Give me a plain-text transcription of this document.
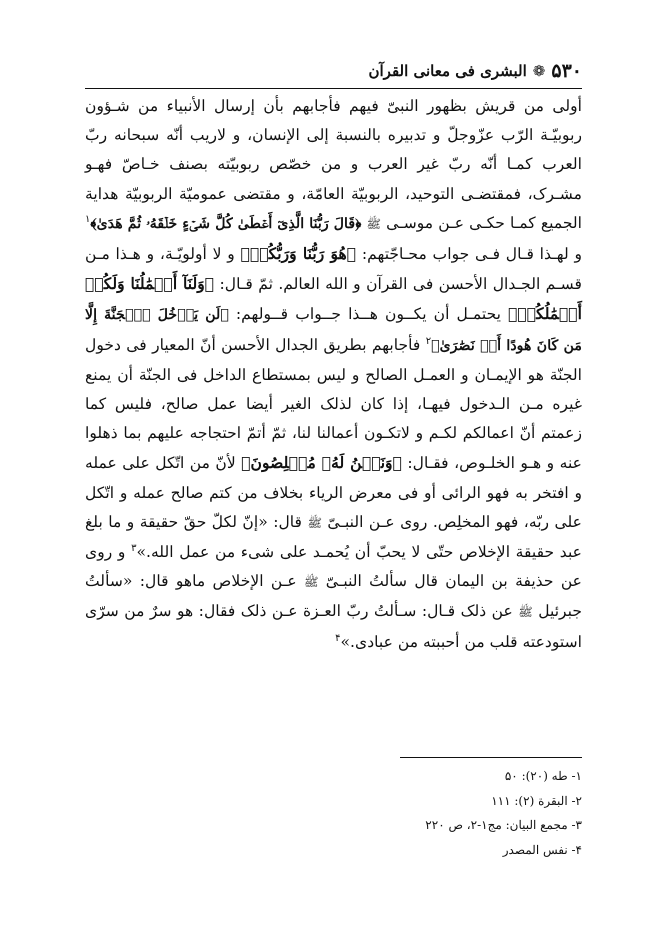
۵۳۰
❁
البشرى فی معانی القرآن

أولی من قریش بظهور النبیّ فیهم فأجابهم بأن إرسال الأنبیاء من شـؤون ربوبیّـة الرّب عزّوجلّ و تدبیره بالنسبة إلی الإنسان، و لاریب أنّه سبحانه ربّ العرب کمـا أنّه ربّ غیر العرب و من خصّص ربوبیّته بصنف خـاصّ فهـو مشـرک، فمقتضـی التوحید، الربوبیّة العامّة، و مقتضی عمومیّة الربوبیّة هدایة الجمیع کمـا حکـی عـن موسـی ﷺ ﴿قَالَ رَبُّنَا الَّذِیٓ أَعۡطَیٰ کُلَّ شَیۡءٍ خَلۡقَهُۥ ثُمَّ هَدَیٰ﴾$^۱$ و لهـذا قـال فـی جواب محـاجّتهم: ﴿هُوَ رَبُّنَا وَرَبُّکُمۡ﴾ و لا أولویّـة، و هـذا مـن قسـم الجـدال الأحسن فی القرآن و الله العالم. ثمّ قـال: ﴿وَلَنَآ أَعۡمَٰلُنَا وَلَکُمۡ أَعۡمَٰلُکُمۡ﴾ یحتمـل أن یکــون هــذا جــواب قــولهم: ﴿لَن یَدۡخُلَ ٱلۡجَنَّةَ إِلَّا مَن کَانَ هُودًا أَوۡ نَصَٰرَیٰ﴾$^۲$ فأجابهم بطریق الجدال الأحسن أنّ المعیار فی دخول الجنّة هو الإیمـان و العمـل الصالح و لیس بمستطاع الداخل فی الجنّة أن یمنع غیره مـن الـدخول فیهـا، إذا کان لذلک الغیر أیضا عمل صالح، فلیس کما زعمتم أنّ اعمالکم لکـم و لاتکـون أعمالنا لنا، ثمّ أتمّ احتجاجه علیهم بما ذهلوا عنه و هـو الخلـوص، فقـال: ﴿وَنَحۡنُ لَهُۥ مُخۡلِصُونَ﴾ لأنّ من اتّکل علی عمله و افتخر به فهو الرائی أو فی معرض الریاء بخلاف من کتم صالح عمله و اتّکل علی ربّه، فهو المخلِص. روی عـن النبـیّ ﷺ قال: «إنّ لکلّ حقّ حقیقة و ما بلغ عبد حقیقة الإخلاص حتّی لا یحبّ أن یُحمـد علی شیء من عمل الله.»$^۳$ و روی عن حذیفة بن الیمان قال سألتُ النبـیّ ﷺ عـن الإخلاص ماهو قال: «سألتُ جبرئیل ﷺ عن ذلک قـال: سـألتُ ربّ العـزة عـن ذلک فقال: هو سرٌ من سرّی استودعته قلب من أحببته من عبادی.»$^۴$

۱- طه (۲۰): ۵۰
۲- البقرة (۲): ۱۱۱
۳- مجمع البیان: مج۱-۲، ص ۲۲۰
۴- نفس المصدر
